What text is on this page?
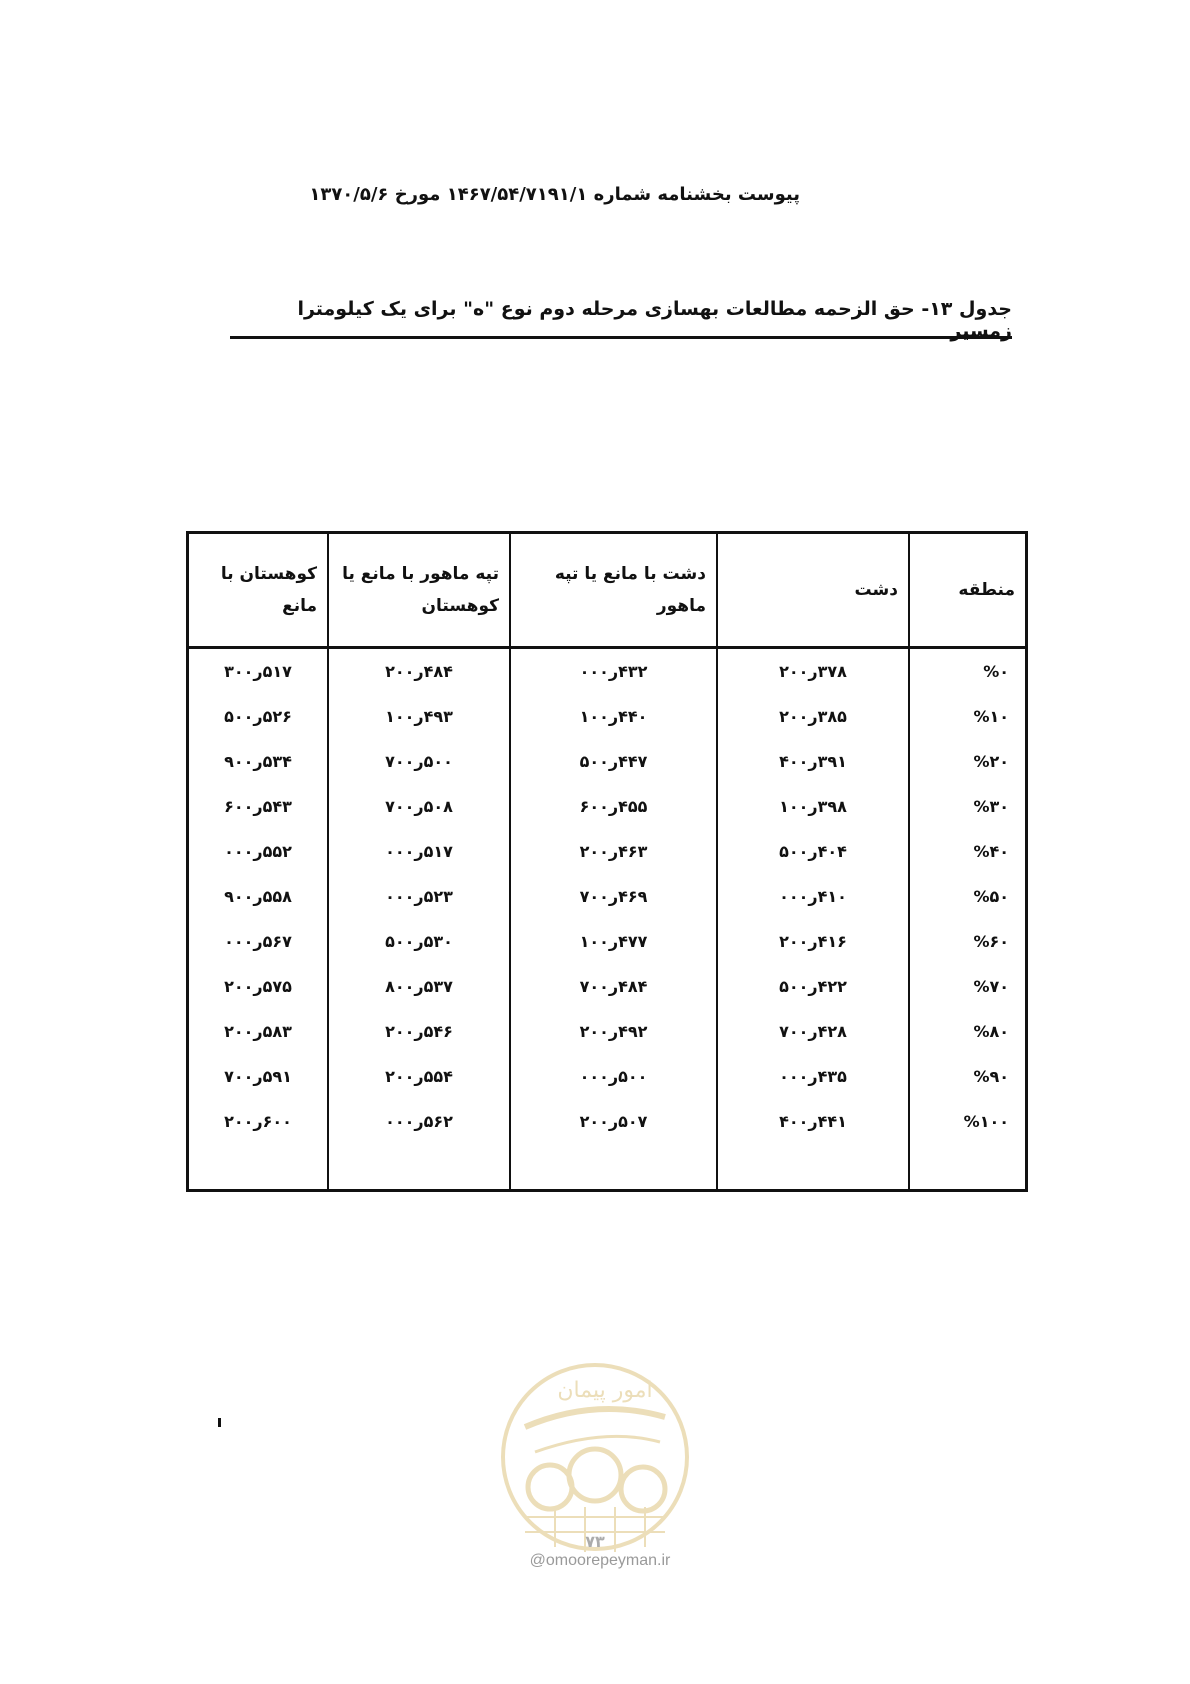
پیوست بخشنامه شماره ۱۴۶۷/۵۴/۷۱۹۱/۱ مورخ ۱۳۷۰/۵/۶
جدول ۱۳- حق الزحمه مطالعات بهسازی مرحله دوم نوع "ه" برای یک کیلومترا زمسیر
منطقه	دشت	دشت با مانع یا تپه ماهور	تپه ماهور با مانع یا کوهستان	کوهستان با مانع
%۰	۳۷۸ر۲۰۰	۴۳۲ر۰۰۰	۴۸۴ر۲۰۰	۵۱۷ر۳۰۰
%۱۰	۳۸۵ر۲۰۰	۴۴۰ر۱۰۰	۴۹۳ر۱۰۰	۵۲۶ر۵۰۰
%۲۰	۳۹۱ر۴۰۰	۴۴۷ر۵۰۰	۵۰۰ر۷۰۰	۵۳۴ر۹۰۰
%۳۰	۳۹۸ر۱۰۰	۴۵۵ر۶۰۰	۵۰۸ر۷۰۰	۵۴۳ر۶۰۰
%۴۰	۴۰۴ر۵۰۰	۴۶۳ر۲۰۰	۵۱۷ر۰۰۰	۵۵۲ر۰۰۰
%۵۰	۴۱۰ر۰۰۰	۴۶۹ر۷۰۰	۵۲۳ر۰۰۰	۵۵۸ر۹۰۰
%۶۰	۴۱۶ر۲۰۰	۴۷۷ر۱۰۰	۵۳۰ر۵۰۰	۵۶۷ر۰۰۰
%۷۰	۴۲۲ر۵۰۰	۴۸۴ر۷۰۰	۵۳۷ر۸۰۰	۵۷۵ر۲۰۰
%۸۰	۴۲۸ر۷۰۰	۴۹۲ر۲۰۰	۵۴۶ر۲۰۰	۵۸۳ر۲۰۰
%۹۰	۴۳۵ر۰۰۰	۵۰۰ر۰۰۰	۵۵۴ر۲۰۰	۵۹۱ر۷۰۰
%۱۰۰	۴۴۱ر۴۰۰	۵۰۷ر۲۰۰	۵۶۲ر۰۰۰	۶۰۰ر۲۰۰

امور پیمان
۷۳
@omoorepeyman.ir
